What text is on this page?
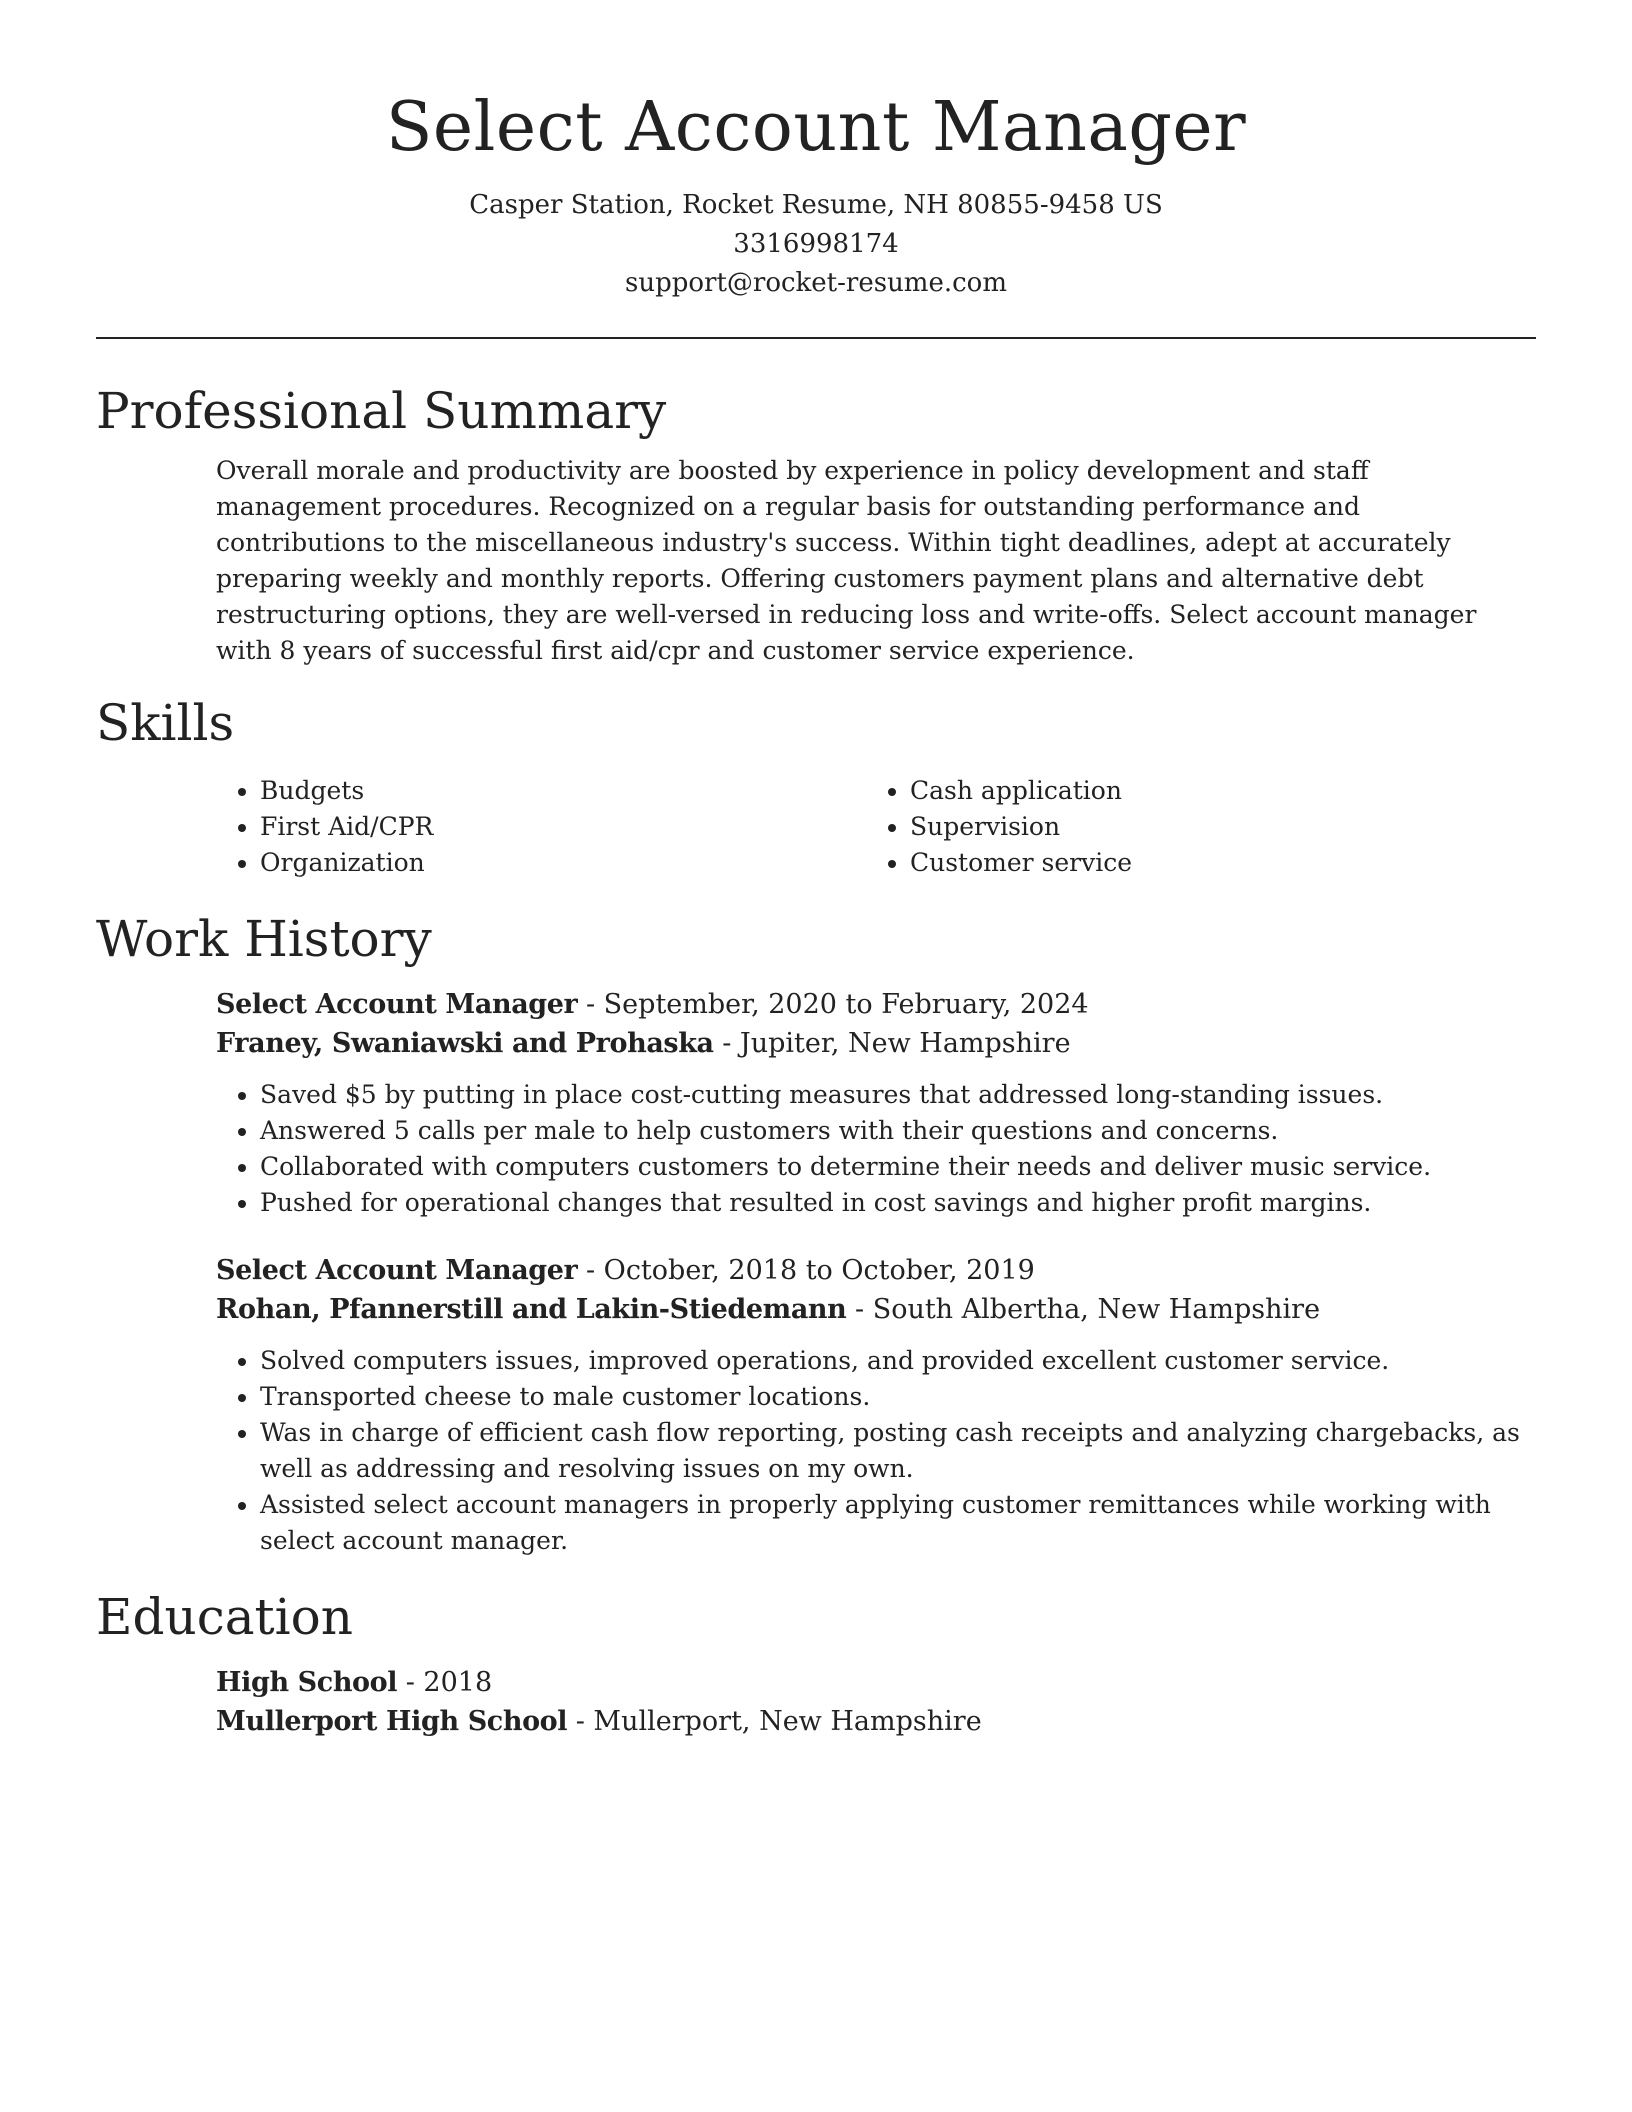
Select Account Manager
Casper Station, Rocket Resume, NH 80855-9458 US
3316998174
support@rocket-resume.com
Professional Summary

Overall morale and productivity are boosted by experience in policy development and staff management procedures. Recognized on a regular basis for outstanding performance and contributions to the miscellaneous industry's success. Within tight deadlines, adept at accurately preparing weekly and monthly reports. Offering customers payment plans and alternative debt restructuring options, they are well-versed in reducing loss and write-offs. Select account manager with 8 years of successful first aid/cpr and customer service experience.

Skills
• Budgets
• First Aid/CPR
• Organization
• Cash application
• Supervision
• Customer service
Work History
Select Account Manager - September, 2020 to February, 2024
Franey, Swaniawski and Prohaska - Jupiter, New Hampshire
• Saved $5 by putting in place cost-cutting measures that addressed long-standing issues.
• Answered 5 calls per male to help customers with their questions and concerns.
• Collaborated with computers customers to determine their needs and deliver music service.
• Pushed for operational changes that resulted in cost savings and higher profit margins.
Select Account Manager - October, 2018 to October, 2019
Rohan, Pfannerstill and Lakin-Stiedemann - South Albertha, New Hampshire
• Solved computers issues, improved operations, and provided excellent customer service.
• Transported cheese to male customer locations.
• Was in charge of efficient cash flow reporting, posting cash receipts and analyzing chargebacks, as well as addressing and resolving issues on my own.
• Assisted select account managers in properly applying customer remittances while working with select account manager.
Education
High School - 2018
Mullerport High School - Mullerport, New Hampshire
